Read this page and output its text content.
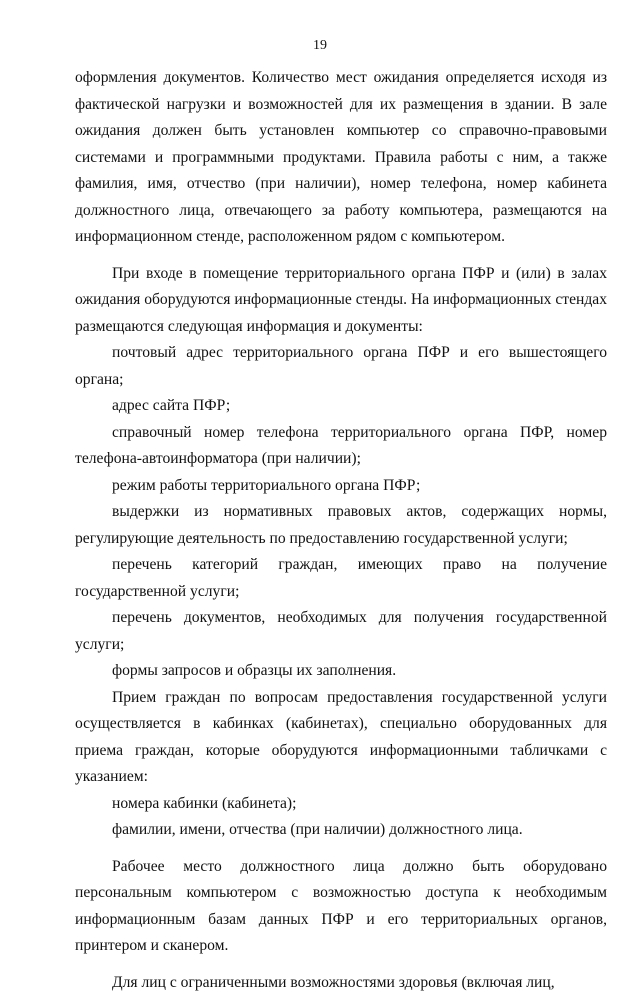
19

оформления документов. Количество мест ожидания определяется исходя из фактической нагрузки и возможностей для их размещения в здании. В зале ожидания должен быть установлен компьютер со справочно-правовыми системами и программными продуктами. Правила работы с ним, а также фамилия, имя, отчество (при наличии), номер телефона, номер кабинета должностного лица, отвечающего за работу компьютера, размещаются на информационном стенде, расположенном рядом с компьютером.

При входе в помещение территориального органа ПФР и (или) в залах ожидания оборудуются информационные стенды. На информационных стендах размещаются следующая информация и документы:

почтовый адрес территориального органа ПФР и его вышестоящего органа;

адрес сайта ПФР;

справочный номер телефона территориального органа ПФР, номер телефона-автоинформатора (при наличии);

режим работы территориального органа ПФР;

выдержки из нормативных правовых актов, содержащих нормы, регулирующие деятельность по предоставлению государственной услуги;

перечень категорий граждан, имеющих право на получение государственной услуги;

перечень документов, необходимых для получения государственной услуги;

формы запросов и образцы их заполнения.

Прием граждан по вопросам предоставления государственной услуги осуществляется в кабинках (кабинетах), специально оборудованных для приема граждан, которые оборудуются информационными табличками с указанием:

номера кабинки (кабинета);

фамилии, имени, отчества (при наличии) должностного лица.

Рабочее место должностного лица должно быть оборудовано персональным компьютером с возможностью доступа к необходимым информационным базам данных ПФР и его территориальных органов, принтером и сканером.

Для лиц с ограниченными возможностями здоровья (включая лиц,
